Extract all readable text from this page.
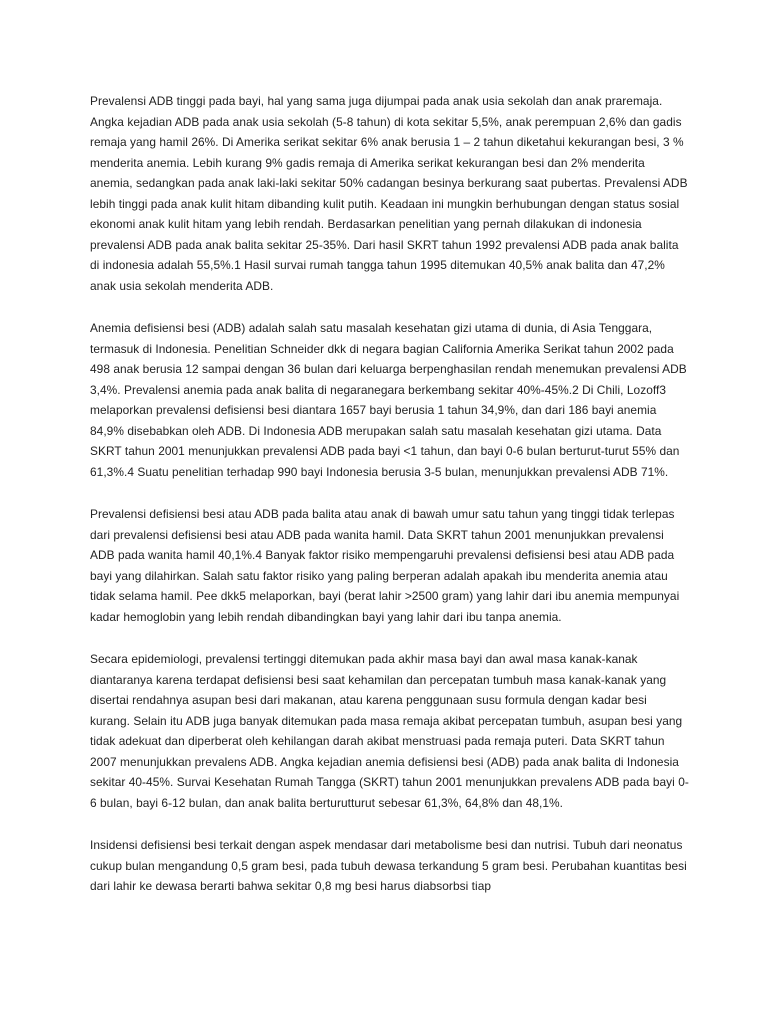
Prevalensi ADB tinggi pada bayi, hal yang sama juga dijumpai pada anak usia sekolah dan anak praremaja. Angka kejadian ADB pada anak usia sekolah (5-8 tahun) di kota sekitar 5,5%, anak perempuan 2,6% dan gadis remaja yang hamil 26%. Di Amerika serikat sekitar 6% anak berusia 1 – 2 tahun diketahui kekurangan besi, 3 % menderita anemia. Lebih kurang 9% gadis remaja di Amerika serikat kekurangan besi dan 2% menderita anemia, sedangkan pada anak laki-laki sekitar 50% cadangan besinya berkurang saat pubertas. Prevalensi ADB lebih tinggi pada anak kulit hitam dibanding kulit putih. Keadaan ini mungkin berhubungan dengan status sosial ekonomi anak kulit hitam yang lebih rendah. Berdasarkan penelitian yang pernah dilakukan di indonesia prevalensi ADB pada anak balita sekitar 25-35%. Dari hasil SKRT tahun 1992 prevalensi ADB pada anak balita di indonesia adalah 55,5%.1 Hasil survai rumah tangga tahun 1995 ditemukan 40,5% anak balita dan 47,2% anak usia sekolah menderita ADB.

Anemia defisiensi besi (ADB) adalah salah satu masalah kesehatan gizi utama di dunia, di Asia Tenggara, termasuk di Indonesia. Penelitian Schneider dkk di negara bagian California Amerika Serikat tahun 2002 pada 498 anak berusia 12 sampai dengan 36 bulan dari keluarga berpenghasilan rendah menemukan prevalensi ADB 3,4%. Prevalensi anemia pada anak balita di negaranegara berkembang sekitar 40%-45%.2 Di Chili, Lozoff3 melaporkan prevalensi defisiensi besi diantara 1657 bayi berusia 1 tahun 34,9%, dan dari 186 bayi anemia 84,9% disebabkan oleh ADB. Di Indonesia ADB merupakan salah satu masalah kesehatan gizi utama. Data SKRT tahun 2001 menunjukkan prevalensi ADB pada bayi <1 tahun, dan bayi 0-6 bulan berturut-turut 55% dan 61,3%.4 Suatu penelitian terhadap 990 bayi Indonesia berusia 3-5 bulan, menunjukkan prevalensi ADB 71%.

Prevalensi defisiensi besi atau ADB pada balita atau anak di bawah umur satu tahun yang tinggi tidak terlepas dari prevalensi defisiensi besi atau ADB pada wanita hamil. Data SKRT tahun 2001 menunjukkan prevalensi ADB pada wanita hamil 40,1%.4 Banyak faktor risiko mempengaruhi prevalensi defisiensi besi atau ADB pada bayi yang dilahirkan. Salah satu faktor risiko yang paling berperan adalah apakah ibu menderita anemia atau tidak selama hamil. Pee dkk5 melaporkan, bayi (berat lahir >2500 gram) yang lahir dari ibu anemia mempunyai kadar hemoglobin yang lebih rendah dibandingkan bayi yang lahir dari ibu tanpa anemia.

Secara epidemiologi, prevalensi tertinggi ditemukan pada akhir masa bayi dan awal masa kanak-kanak diantaranya karena terdapat defisiensi besi saat kehamilan dan percepatan tumbuh masa kanak-kanak yang disertai rendahnya asupan besi dari makanan, atau karena penggunaan susu formula dengan kadar besi kurang. Selain itu ADB juga banyak ditemukan pada masa remaja akibat percepatan tumbuh, asupan besi yang tidak adekuat dan diperberat oleh kehilangan darah akibat menstruasi pada remaja puteri. Data SKRT tahun 2007 menunjukkan prevalens ADB. Angka kejadian anemia defisiensi besi (ADB) pada anak balita di Indonesia sekitar 40-45%. Survai Kesehatan Rumah Tangga (SKRT) tahun 2001 menunjukkan prevalens ADB pada bayi 0-6 bulan, bayi 6-12 bulan, dan anak balita berturutturut sebesar 61,3%, 64,8% dan 48,1%.

Insidensi defisiensi besi terkait dengan aspek mendasar dari metabolisme besi dan nutrisi. Tubuh dari neonatus cukup bulan mengandung 0,5 gram besi, pada tubuh dewasa terkandung 5 gram besi. Perubahan kuantitas besi dari lahir ke dewasa berarti bahwa sekitar 0,8 mg besi harus diabsorbsi tiap
